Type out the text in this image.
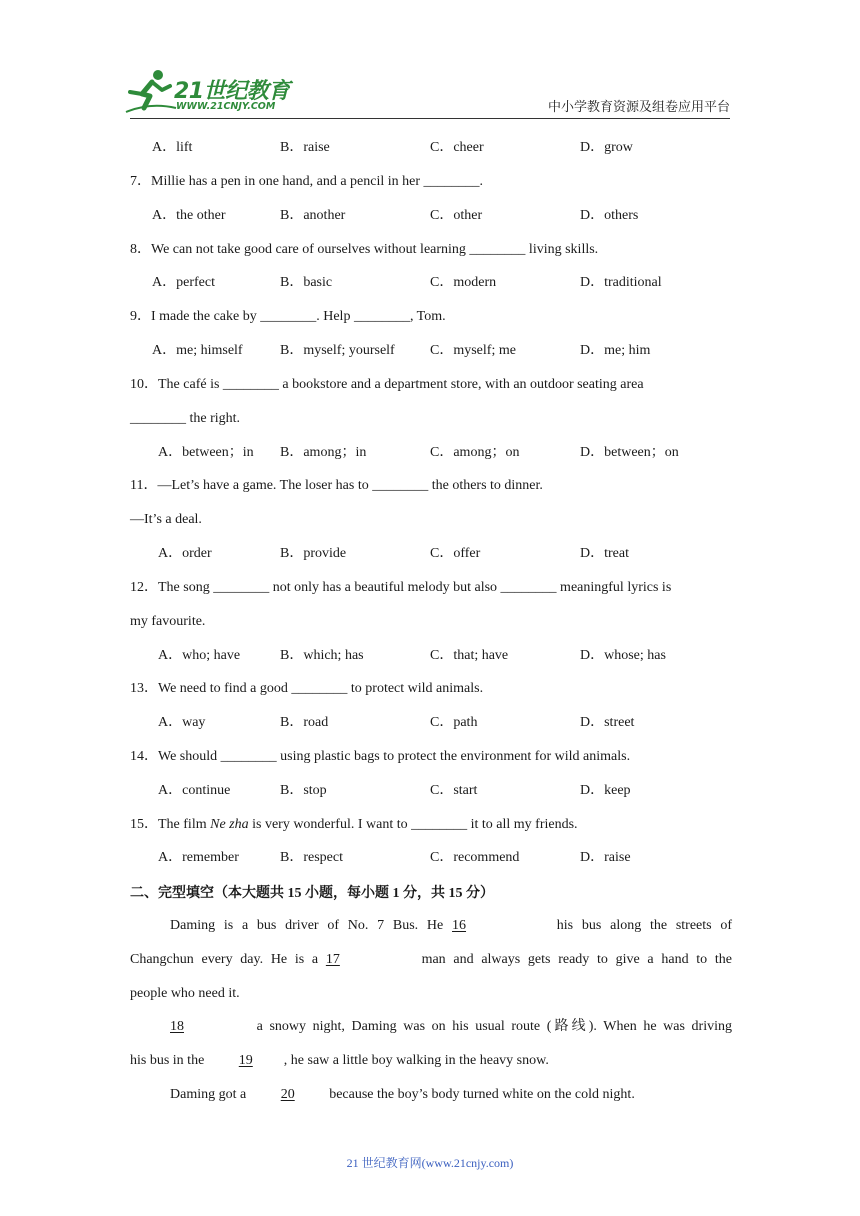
21世纪教育
WWW.21CNJY.COM	中小学教育资源及组卷应用平台
A．lift	B．raise	C．cheer	D．grow
7．Millie has a pen in one hand, and a pencil in her ________.
A．the other	B．another	C．other	D．others
8．We can not take good care of ourselves without learning ________ living skills.
A．perfect	B．basic	C．modern	D．traditional
9．I made the cake by ________. Help ________, Tom.
A．me; himself	B．myself; yourself	C．myself; me	D．me; him
10．The café is ________ a bookstore and a department store, with an outdoor seating area
________ the right.
A．between；in B．among；in	C．among；on	D．between；on
11．—Let’s have a game. The loser has to ________ the others to dinner.
—It’s a deal.
A．order	B．provide	C．offer	D．treat
12．The song ________ not only has a beautiful melody but also ________ meaningful lyrics is
my favourite.
A．who; have	B．which; has	C．that; have	D．whose; has
13．We need to find a good ________ to protect wild animals.
A．way	B．road	C．path	D．street
14．We should ________ using plastic bags to protect the environment for wild animals.
A．continue	B．stop	C．start	D．keep
15．The film Ne zha is very wonderful. I want to ________ it to all my friends.
A．remember	B．respect	C．recommend	D．raise
二、完型填空（本大题共 15 小题，每小题 1 分，共 15 分）
Daming is a bus driver of No. 7 Bus. He 16	his bus along the streets of
Changchun every day. He is a 17	man and always gets ready to give a hand to the
people who need it.
18	a snowy night, Daming was on his usual route (路线). When he was driving
his bus in the 19 , he saw a little boy walking in the heavy snow.
Daming got a 20 because the boy’s body turned white on the cold night.
21 世纪教育网(www.21cnjy.com)
